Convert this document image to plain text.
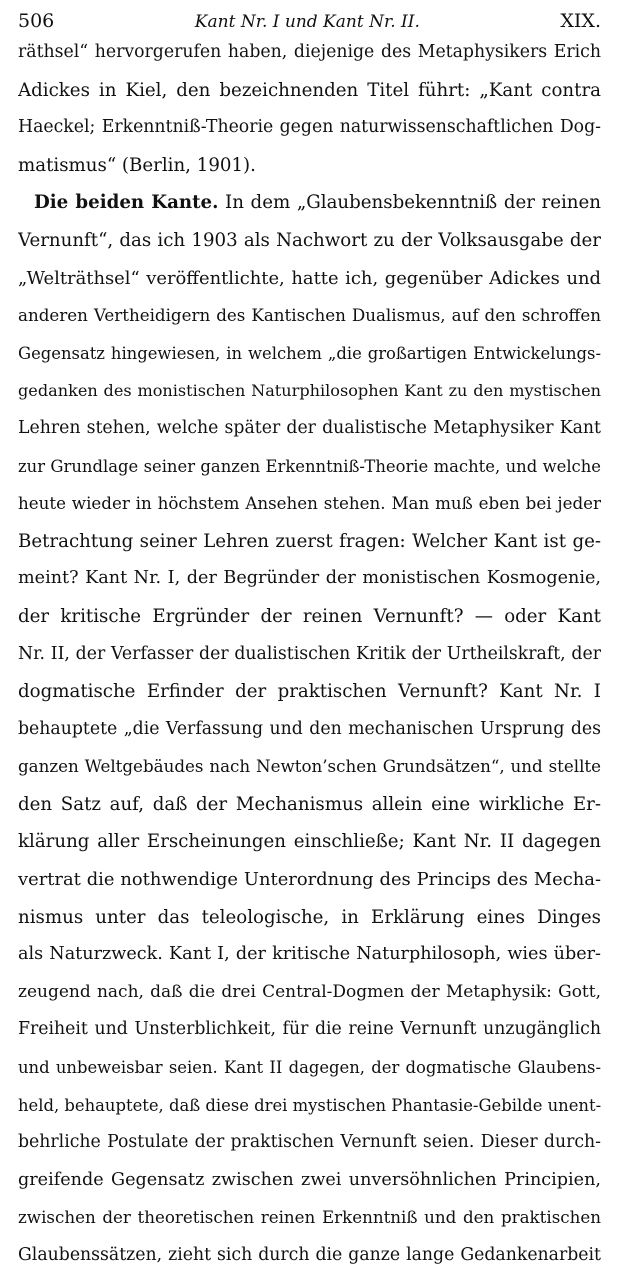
506	Kant Nr. I und Kant Nr. II.	XIX.
räthsel“ hervorgerufen haben, diejenige des Metaphysikers Erich
Adickes in Kiel, den bezeichnenden Titel führt: „Kant contra
Haeckel; Erkenntniß-Theorie gegen naturwissenschaftlichen Dog-
matismus“ (Berlin, 1901).
Die beiden Kante. In dem „Glaubensbekenntniß der reinen
Vernunft“, das ich 1903 als Nachwort zu der Volksausgabe der
„Welträthsel“ veröffentlichte, hatte ich, gegenüber Adickes und
anderen Vertheidigern des Kantischen Dualismus, auf den schroffen
Gegensatz hingewiesen, in welchem „die großartigen Entwickelungs-
gedanken des monistischen Naturphilosophen Kant zu den mystischen
Lehren stehen, welche später der dualistische Metaphysiker Kant
zur Grundlage seiner ganzen Erkenntniß-Theorie machte, und welche
heute wieder in höchstem Ansehen stehen. Man muß eben bei jeder
Betrachtung seiner Lehren zuerst fragen: Welcher Kant ist ge-
meint? Kant Nr. I, der Begründer der monistischen Kosmogenie,
der kritische Ergründer der reinen Vernunft? — oder Kant
Nr. II, der Verfasser der dualistischen Kritik der Urtheilskraft, der
dogmatische Erfinder der praktischen Vernunft? Kant Nr. I
behauptete „die Verfassung und den mechanischen Ursprung des
ganzen Weltgebäudes nach Newton’schen Grundsätzen“, und stellte
den Satz auf, daß der Mechanismus allein eine wirkliche Er-
klärung aller Erscheinungen einschließe; Kant Nr. II dagegen
vertrat die nothwendige Unterordnung des Princips des Mecha-
nismus unter das teleologische, in Erklärung eines Dinges
als Naturzweck. Kant I, der kritische Naturphilosoph, wies über-
zeugend nach, daß die drei Central-Dogmen der Metaphysik: Gott,
Freiheit und Unsterblichkeit, für die reine Vernunft unzugänglich
und unbeweisbar seien. Kant II dagegen, der dogmatische Glaubens-
held, behauptete, daß diese drei mystischen Phantasie-Gebilde unent-
behrliche Postulate der praktischen Vernunft seien. Dieser durch-
greifende Gegensatz zwischen zwei unversöhnlichen Principien,
zwischen der theoretischen reinen Erkenntniß und den praktischen
Glaubenssätzen, zieht sich durch die ganze lange Gedankenarbeit
